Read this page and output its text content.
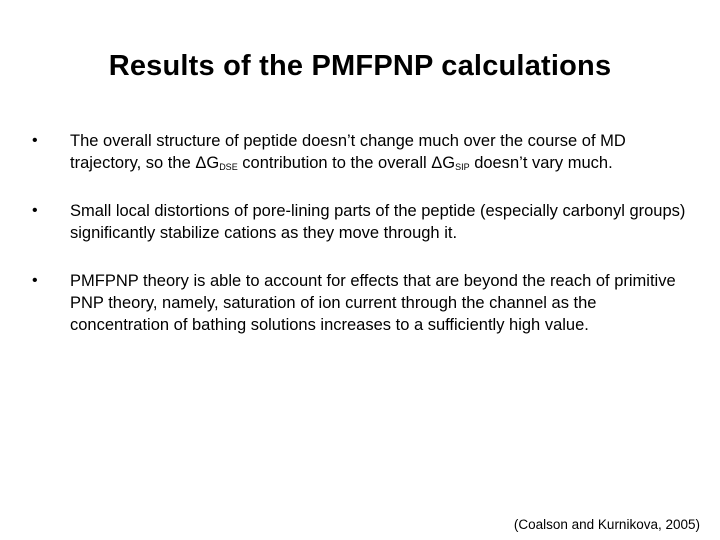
Results of the PMFPNP calculations
• The overall structure of peptide doesn’t change much over the course of MD trajectory, so the $\Delta G_{DSE}$ contribution to the overall $\Delta G_{SIP}$ doesn’t vary much.
• Small local distortions of pore-lining parts of the peptide (especially carbonyl groups) significantly stabilize cations as they move through it.
• PMFPNP theory is able to account for effects that are beyond the reach of primitive PNP theory, namely, saturation of ion current through the channel as the concentration of bathing solutions increases to a sufficiently high value.
(Coalson and Kurnikova, 2005)
